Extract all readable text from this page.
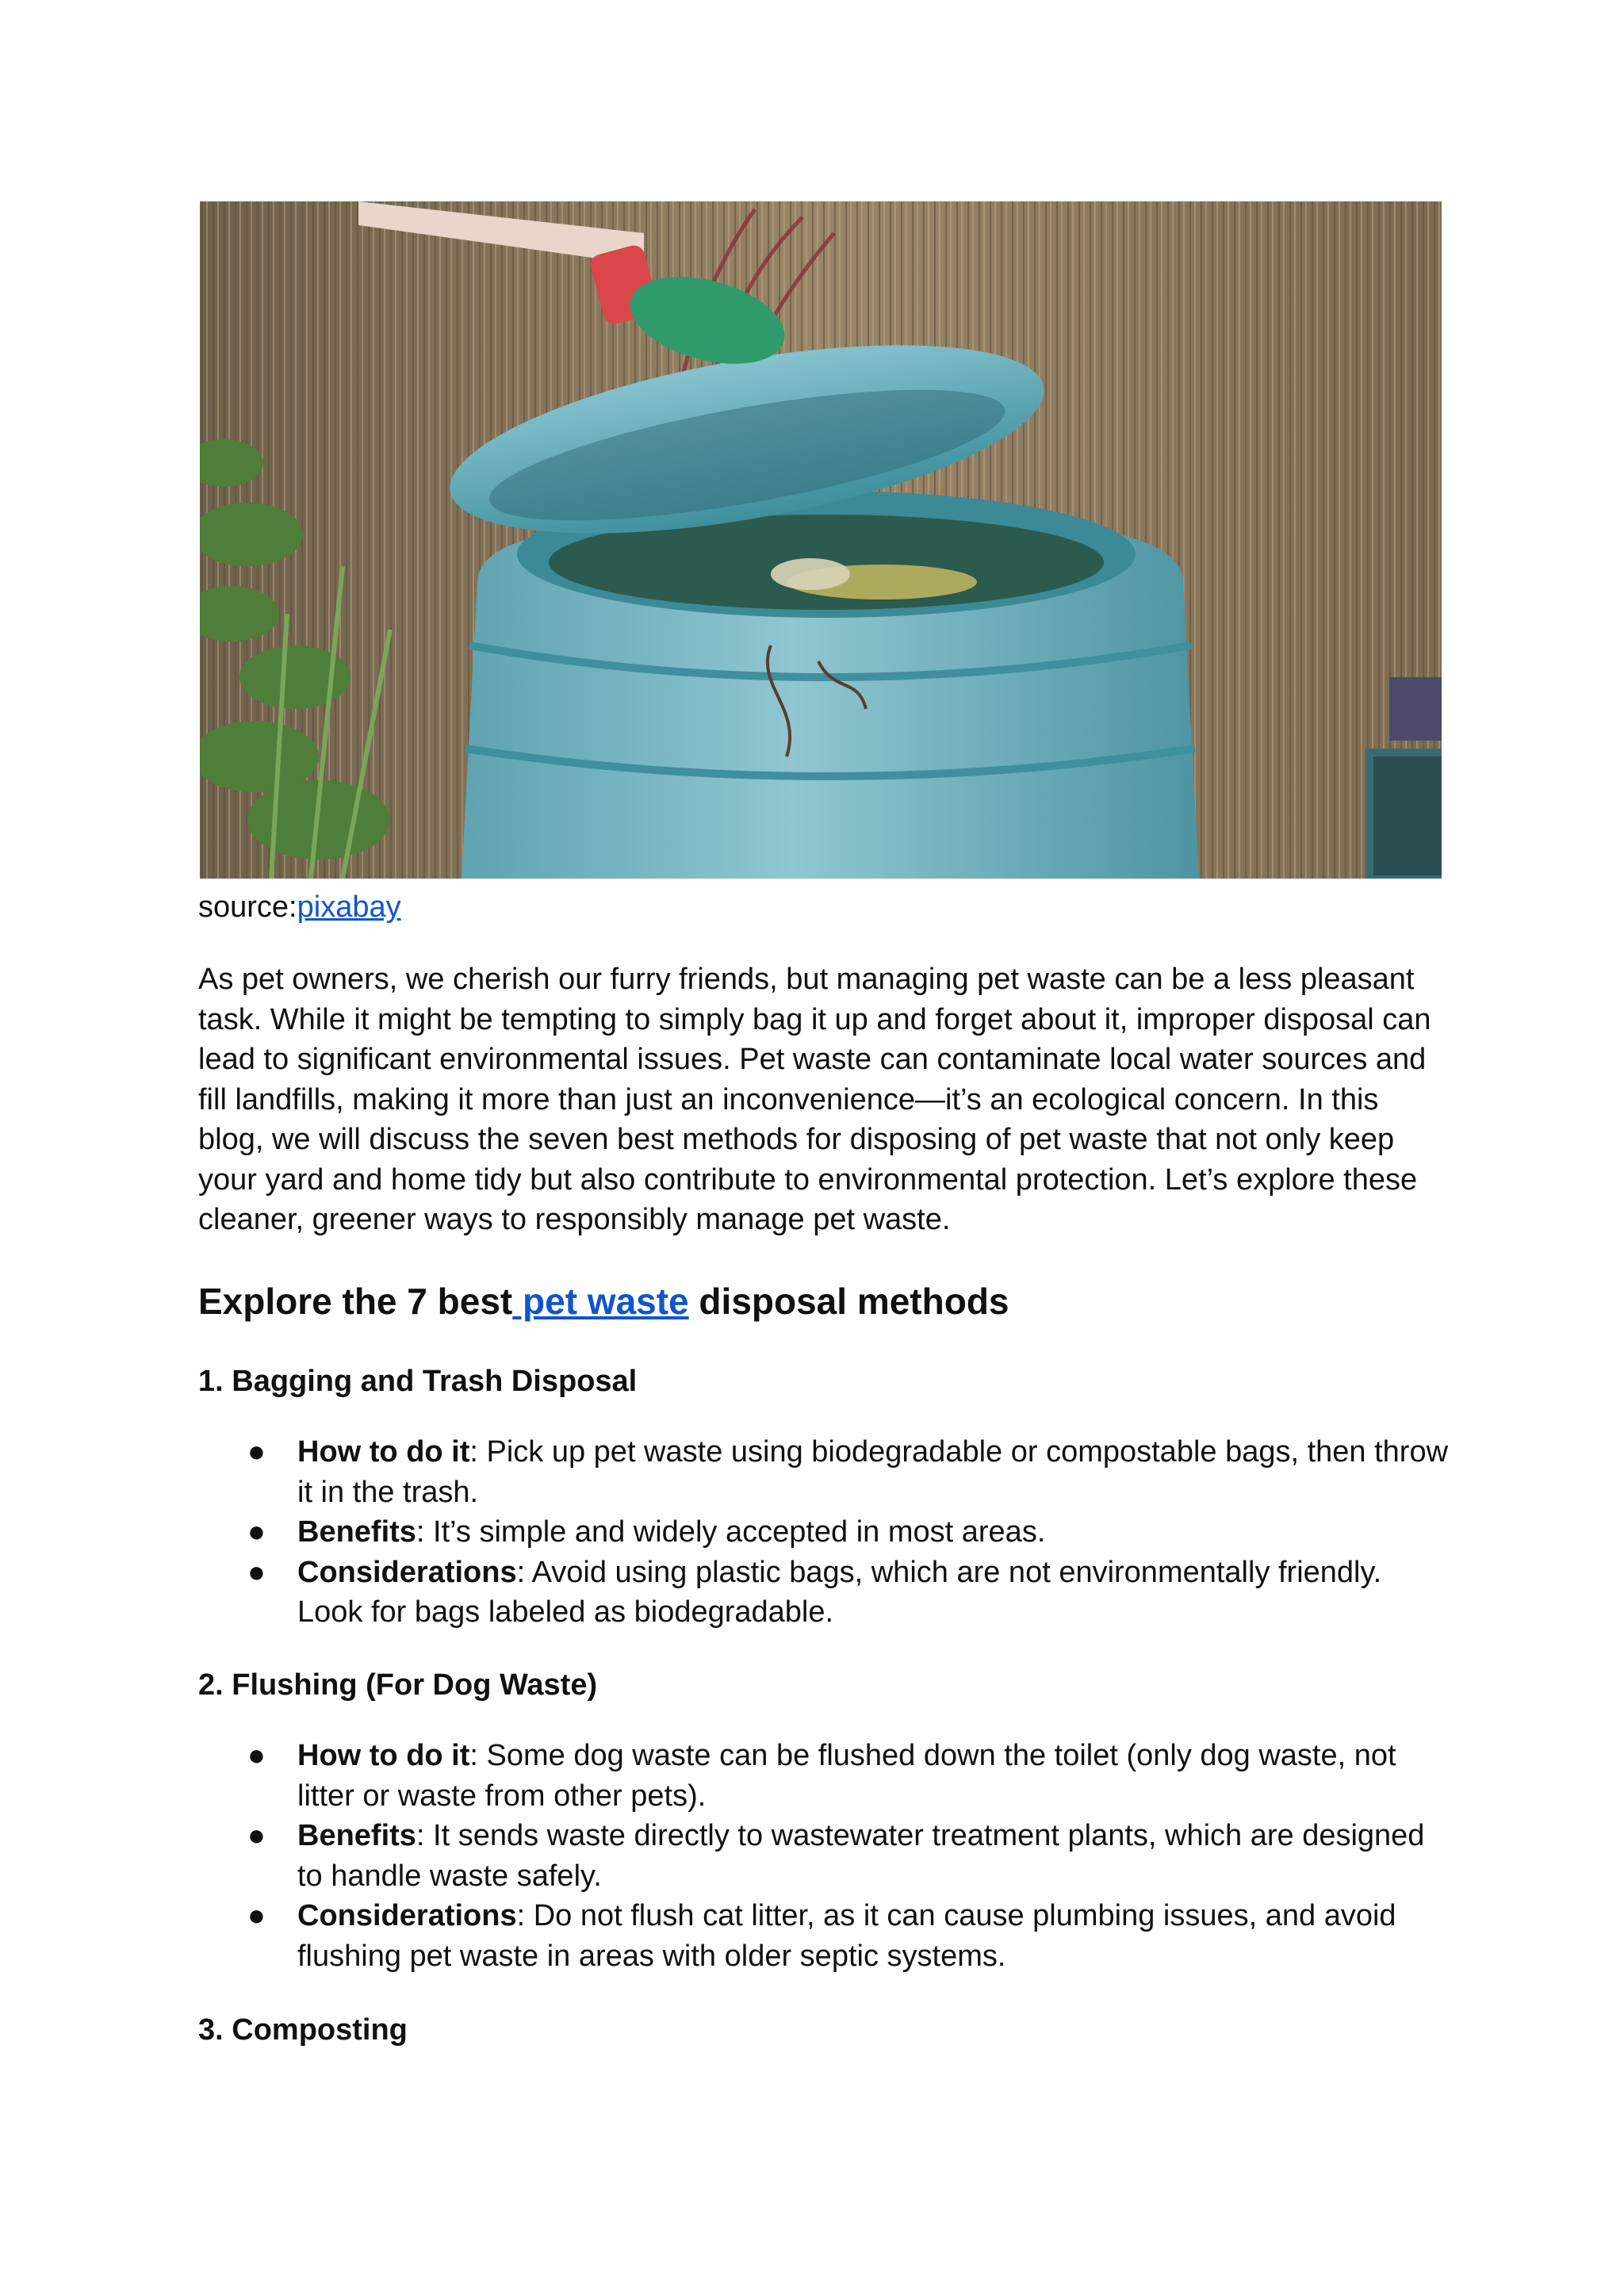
source:pixabay

As pet owners, we cherish our furry friends, but managing pet waste can be a less pleasant task. While it might be tempting to simply bag it up and forget about it, improper disposal can lead to significant environmental issues. Pet waste can contaminate local water sources and fill landfills, making it more than just an inconvenience—it’s an ecological concern. In this blog, we will discuss the seven best methods for disposing of pet waste that not only keep your yard and home tidy but also contribute to environmental protection. Let’s explore these cleaner, greener ways to responsibly manage pet waste.

Explore the 7 best pet waste disposal methods
1. Bagging and Trash Disposal
● How to do it: Pick up pet waste using biodegradable or compostable bags, then throw it in the trash.
● Benefits: It’s simple and widely accepted in most areas.
● Considerations: Avoid using plastic bags, which are not environmentally friendly. Look for bags labeled as biodegradable.
2. Flushing (For Dog Waste)
● How to do it: Some dog waste can be flushed down the toilet (only dog waste, not litter or waste from other pets).
● Benefits: It sends waste directly to wastewater treatment plants, which are designed to handle waste safely.
● Considerations: Do not flush cat litter, as it can cause plumbing issues, and avoid flushing pet waste in areas with older septic systems.
3. Composting
